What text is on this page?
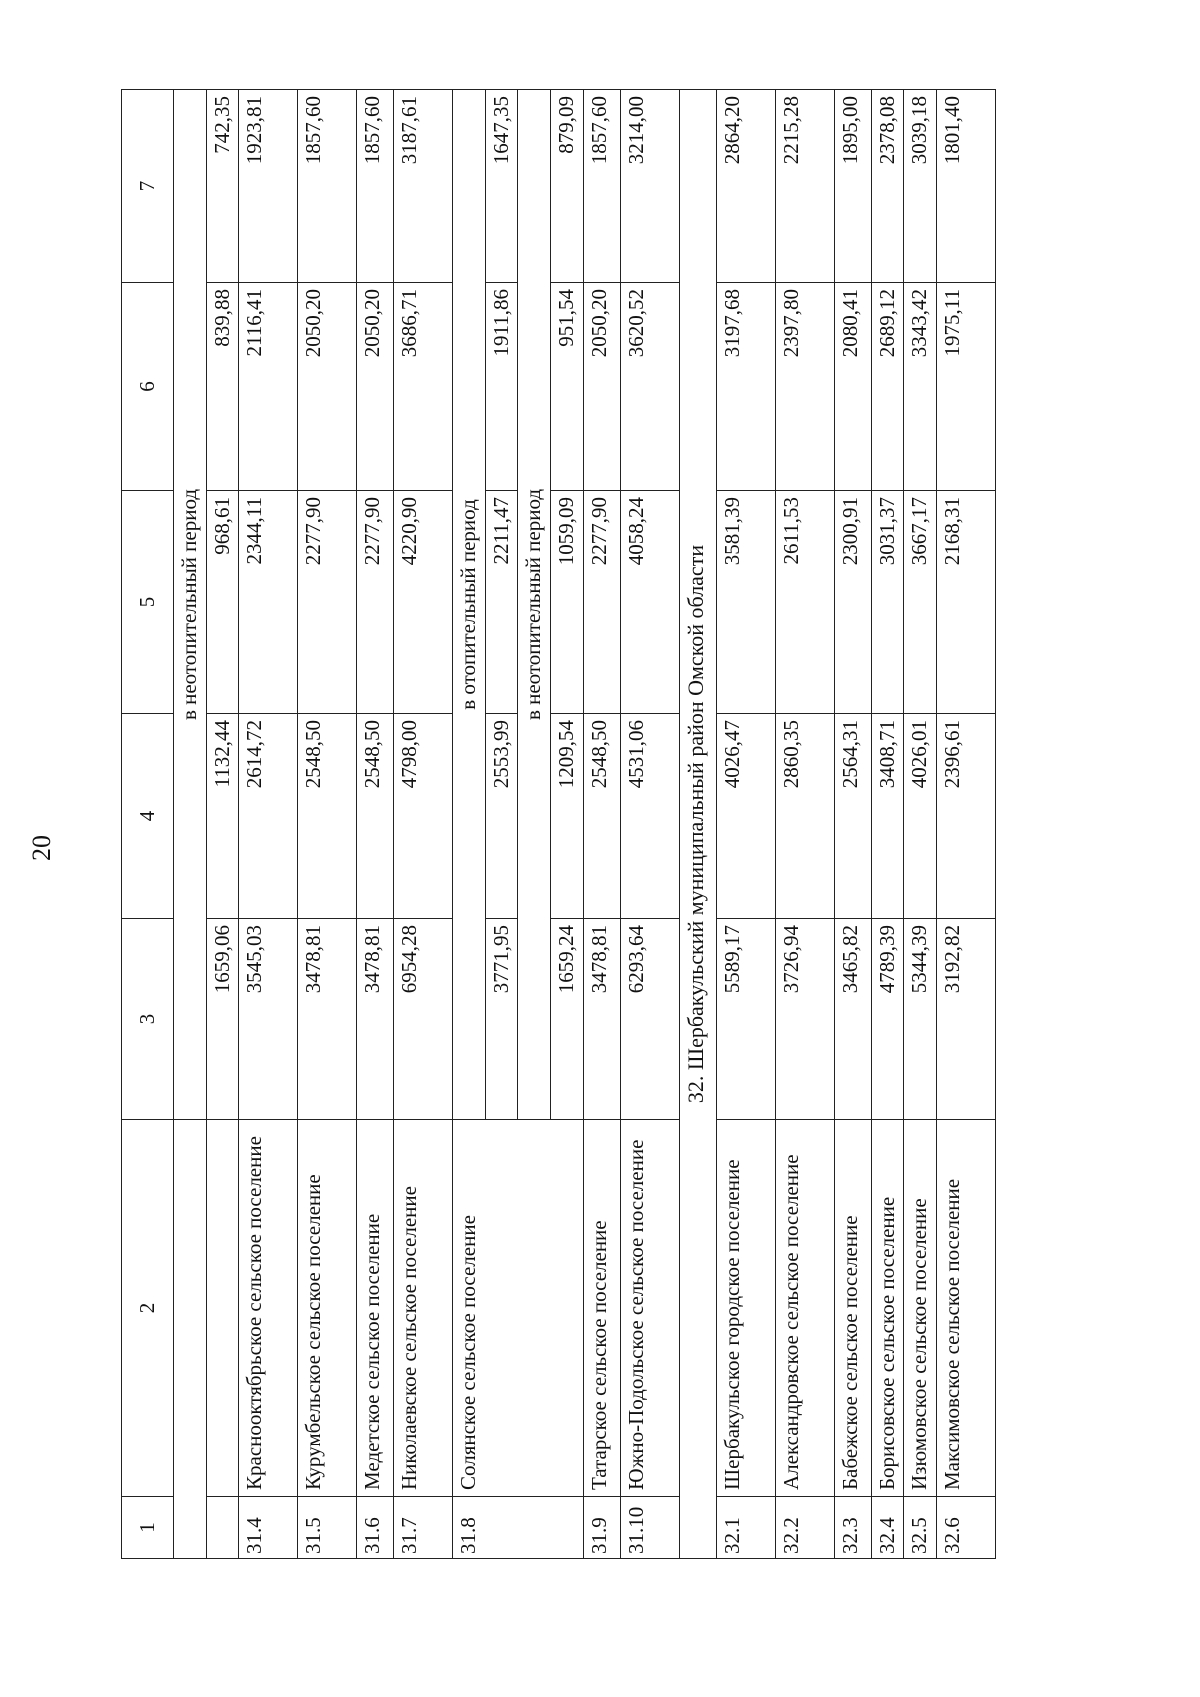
20
1	2	3	4	5	6	7
		в неотопительный период				
		1659,06	1132,44	968,61	839,88	742,35
31.4	Краснооктябрьское сельское поселение	3545,03	2614,72	2344,11	2116,41	1923,81
31.5	Курумбельское сельское поселение	3478,81	2548,50	2277,90	2050,20	1857,60
31.6	Медетское сельское поселение	3478,81	2548,50	2277,90	2050,20	1857,60
31.7	Николаевское сельское поселение	6954,28	4798,00	4220,90	3686,71	3187,61
31.8	Солянское сельское поселение	в отопительный период				
		3771,95	2553,99	2211,47	1911,86	1647,35
		в неотопительный период				
		1659,24	1209,54	1059,09	951,54	879,09
31.9	Татарское сельское поселение	3478,81	2548,50	2277,90	2050,20	1857,60
31.10	Южно-Подольское сельское поселение	6293,64	4531,06	4058,24	3620,52	3214,00
32. Шербакульский муниципальный район Омской области						
32.1	Шербакульское городское поселение	5589,17	4026,47	3581,39	3197,68	2864,20
32.2	Александровское сельское поселение	3726,94	2860,35	2611,53	2397,80	2215,28
32.3	Бабежское сельское поселение	3465,82	2564,31	2300,91	2080,41	1895,00
32.4	Борисовское сельское поселение	4789,39	3408,71	3031,37	2689,12	2378,08
32.5	Изюмовское сельское поселение	5344,39	4026,01	3667,17	3343,42	3039,18
32.6	Максимовское сельское поселение	3192,82	2396,61	2168,31	1975,11	1801,40
